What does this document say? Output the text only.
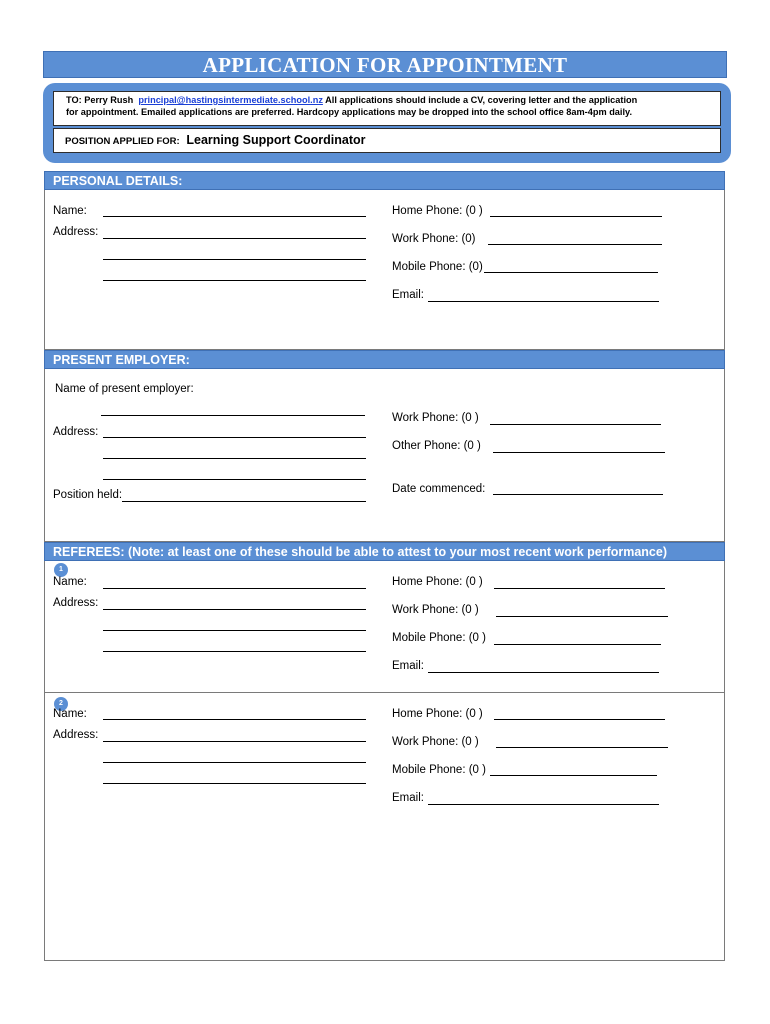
APPLICATION FOR APPOINTMENT
TO: Perry Rush principal@hastingsintermediate.school.nz All applications should include a CV, covering letter and the application
for appointment. Emailed applications are preferred. Hardcopy applications may be dropped into the school office 8am-4pm daily.
POSITION APPLIED FOR: Learning Support Coordinator
PERSONAL DETAILS:
Name:
Address:
Home Phone: (0 )
Work Phone: (0)
Mobile Phone: (0)
Email:
PRESENT EMPLOYER:
Name of present employer:
Address:
Position held:
Work Phone: (0 )
Other Phone: (0 )
Date commenced:
REFEREES: (Note: at least one of these should be able to attest to your most recent work performance)
1
Name:
Address:
Home Phone: (0 )
Work Phone: (0 )
Mobile Phone: (0 )
Email:
2
Name:
Address:
Home Phone: (0 )
Work Phone: (0 )
Mobile Phone: (0 )
Email:
